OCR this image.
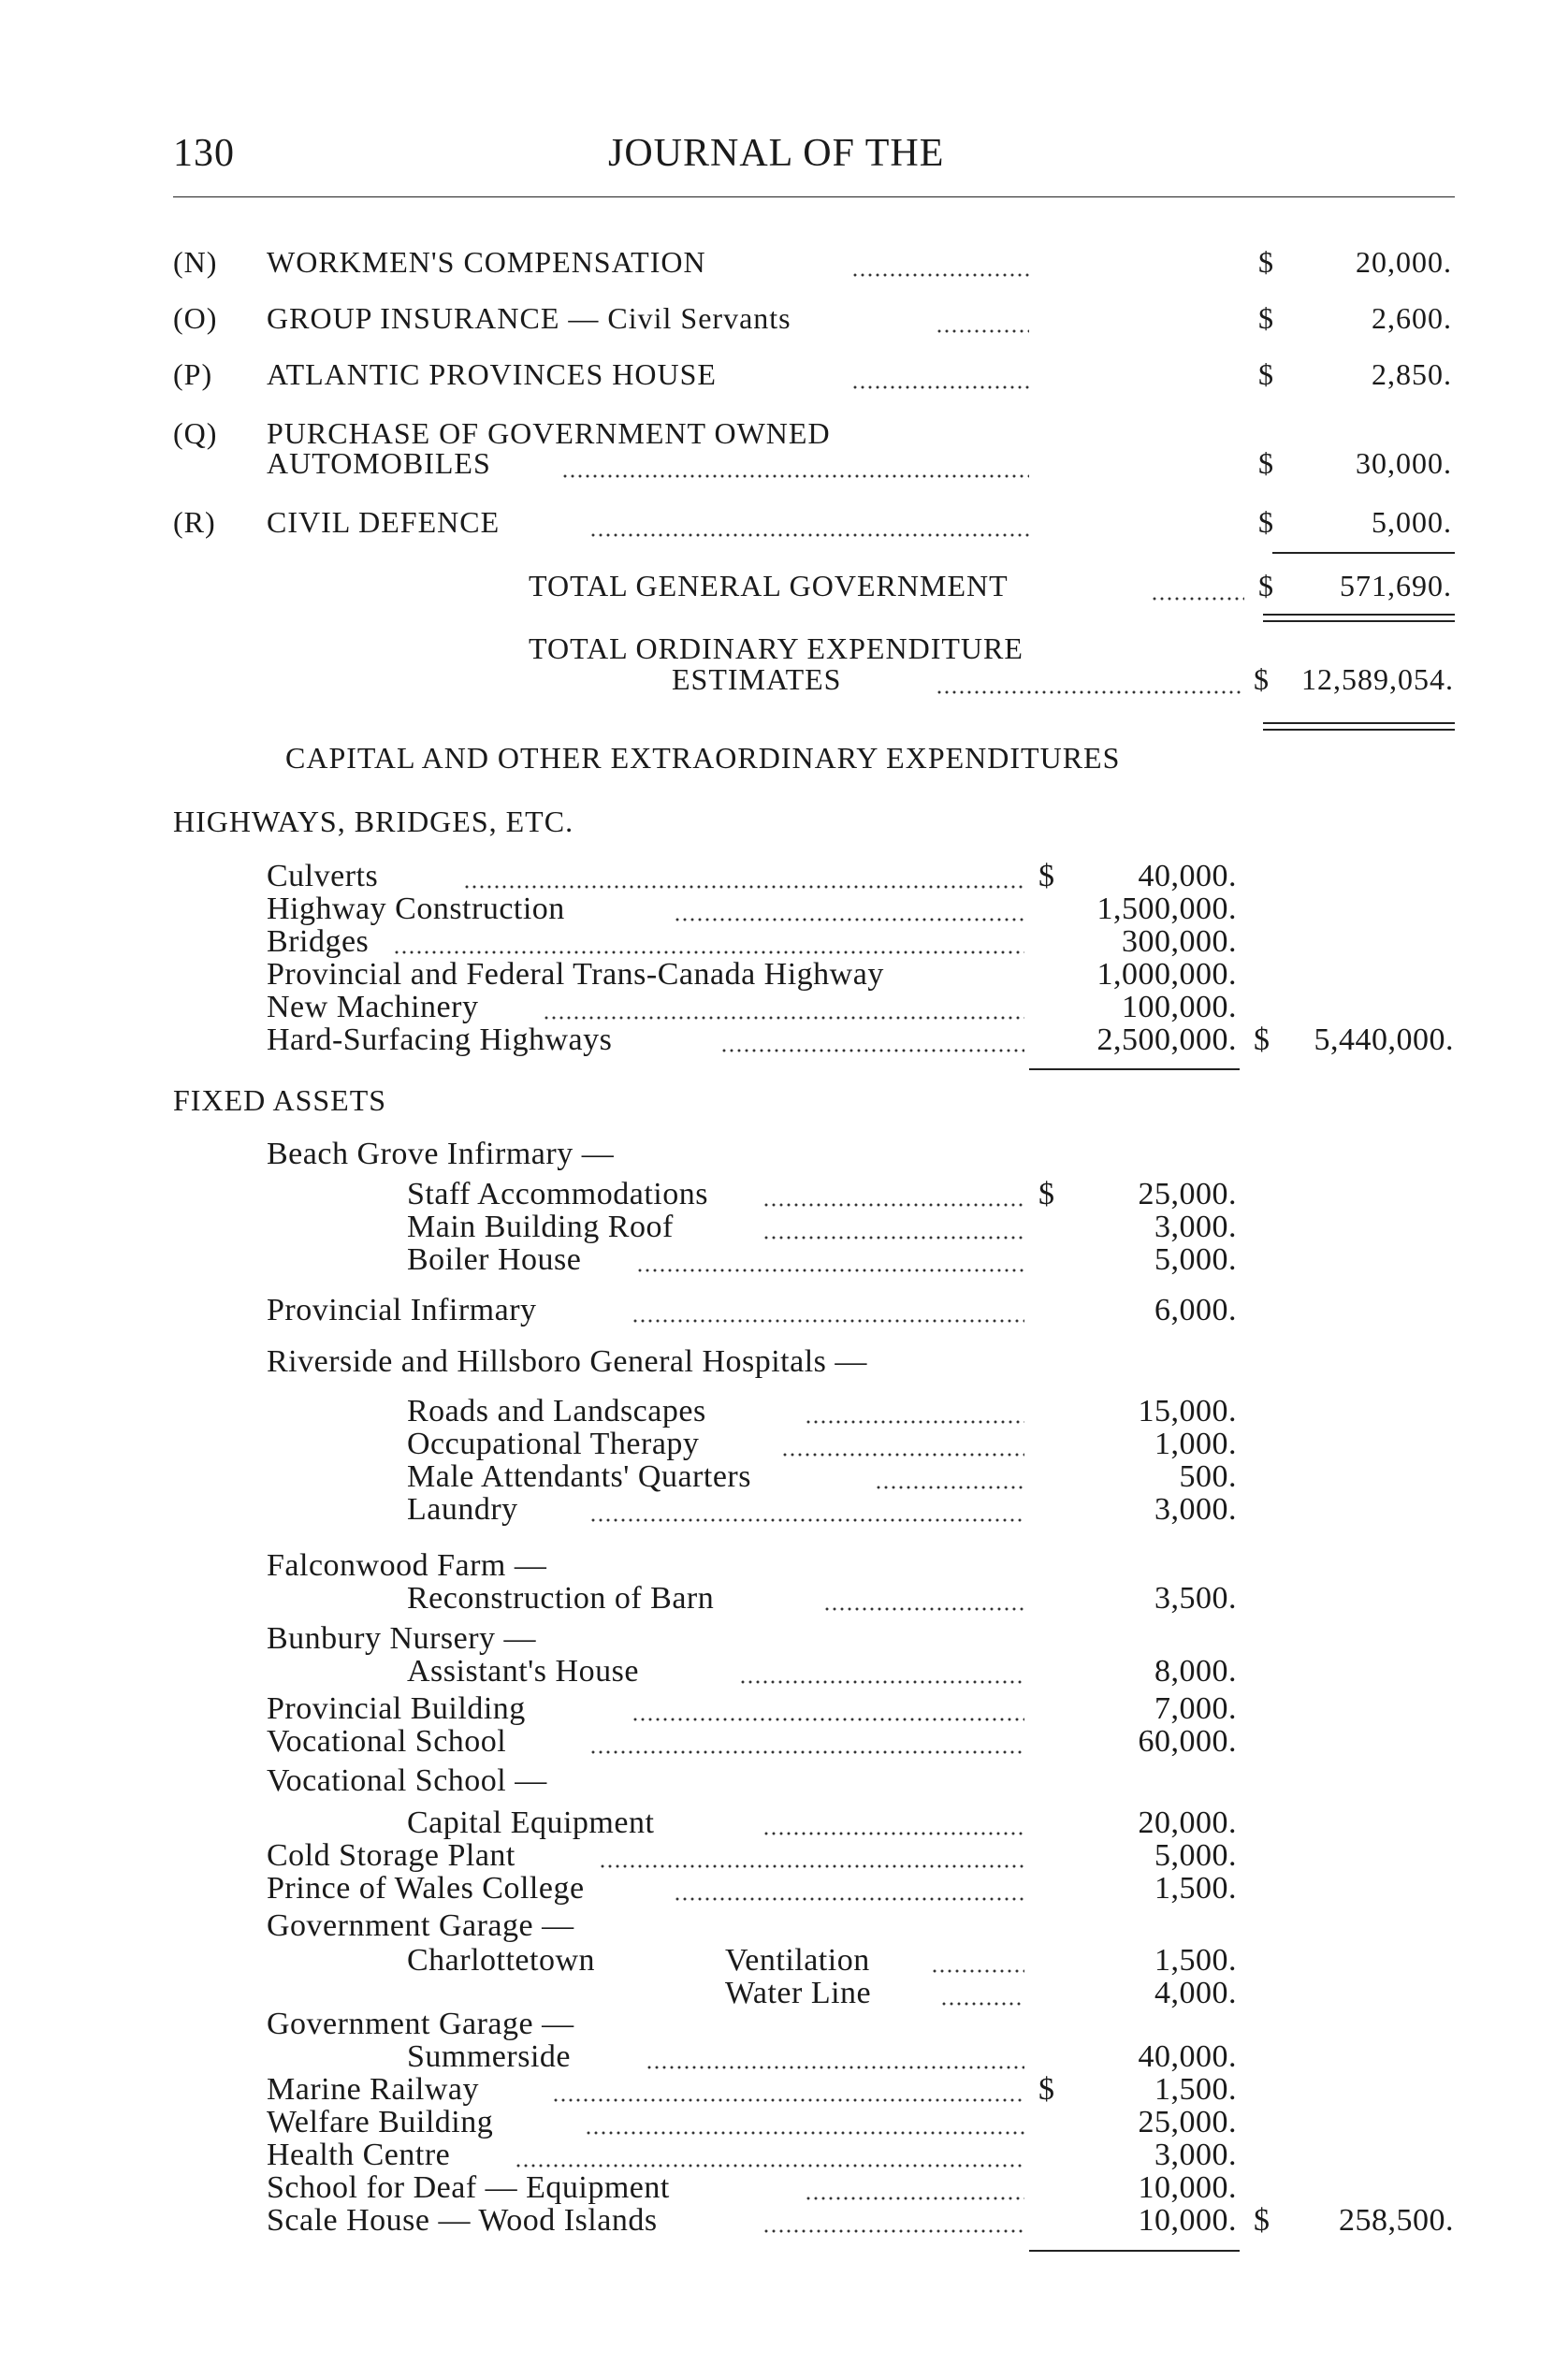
130	JOURNAL OF THE
(N) WORKMEN'S COMPENSATION	$	20,000.
(O) GROUP INSURANCE — Civil Servants	$	2,600.
(P) ATLANTIC PROVINCES HOUSE	$	2,850.
(Q) PURCHASE OF GOVERNMENT OWNED
AUTOMOBILES	$	30,000.
(R) CIVIL DEFENCE	$	5,000.
TOTAL GENERAL GOVERNMENT	$	571,690.
TOTAL ORDINARY EXPENDITURE
ESTIMATES	$	12,589,054.
CAPITAL AND OTHER EXTRAORDINARY EXPENDITURES
HIGHWAYS, BRIDGES, ETC.
Culverts	$	40,000.
Highway Construction	1,500,000.
Bridges	300,000.
Provincial and Federal Trans-Canada Highway	1,000,000.
New Machinery	100,000.
Hard-Surfacing Highways	2,500,000. $	5,440,000.
FIXED ASSETS
Beach Grove Infirmary —
Staff Accommodations	$	25,000.
Main Building Roof	3,000.
Boiler House	5,000.
Provincial Infirmary	6,000.
Riverside and Hillsboro General Hospitals —
Roads and Landscapes	15,000.
Occupational Therapy	1,000.
Male Attendants' Quarters	500.
Laundry	3,000.
Falconwood Farm —
Reconstruction of Barn	3,500.
Bunbury Nursery —
Assistant's House	8,000.
Provincial Building	7,000.
Vocational School	60,000.
Vocational School —
Capital Equipment	20,000.
Cold Storage Plant	5,000.
Prince of Wales College	1,500.
Government Garage —
Charlottetown	Ventilation	1,500.
Water Line	4,000.
Government Garage —
Summerside	40,000.
Marine Railway	$	1,500.
Welfare Building	25,000.
Health Centre	3,000.
School for Deaf — Equipment	10,000.
Scale House — Wood Islands	10,000. $	258,500.
